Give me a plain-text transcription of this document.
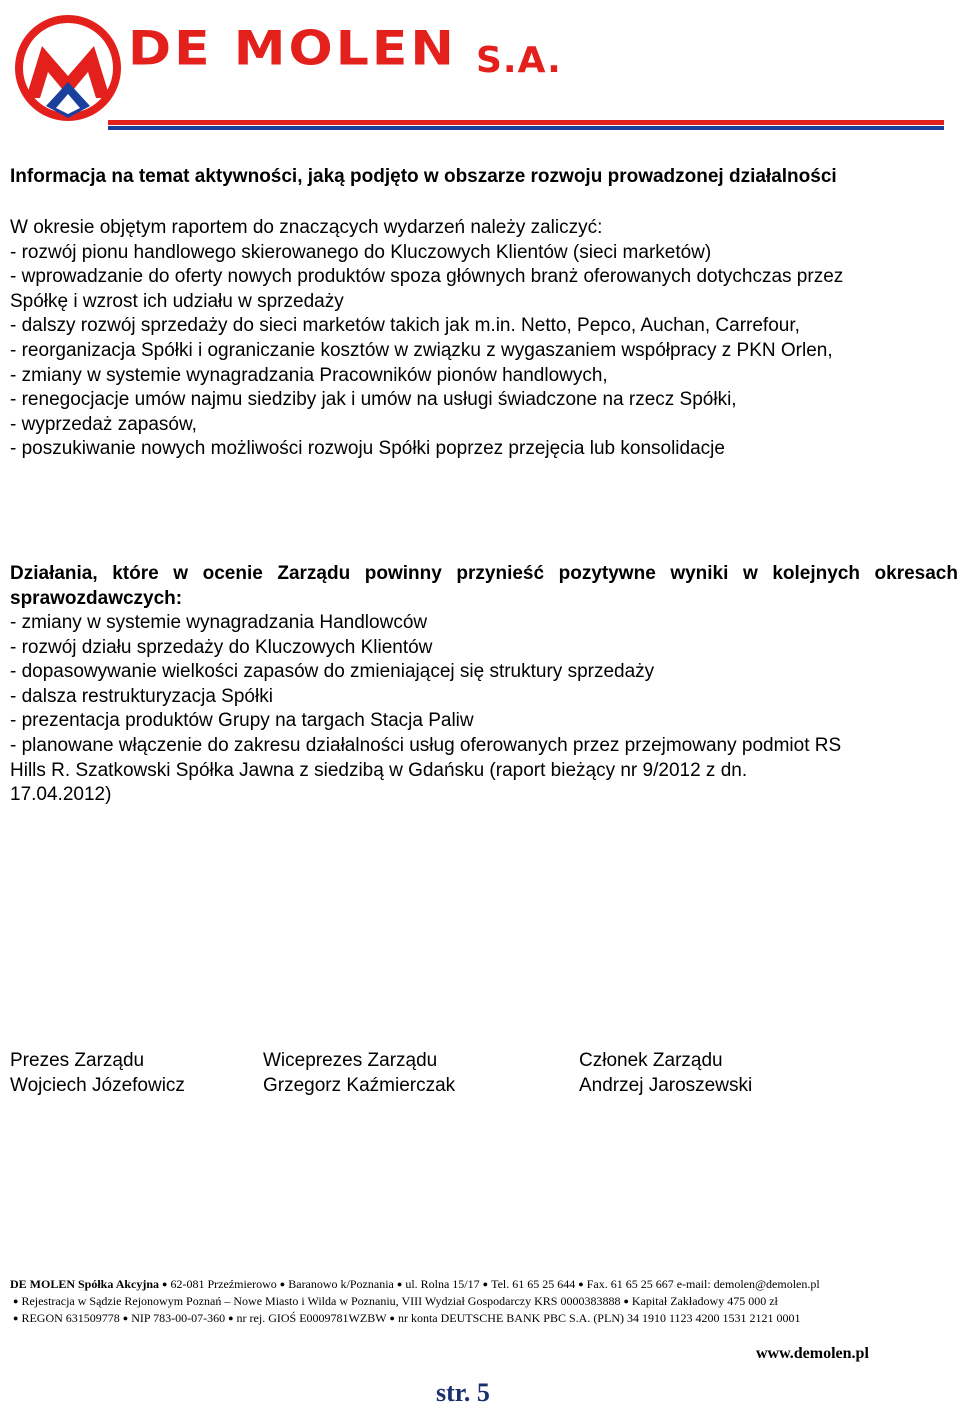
DE MOLEN S.A.
Informacja na temat aktywności, jaką podjęto w obszarze rozwoju prowadzonej działalności

W okresie objętym raportem do znaczących wydarzeń należy zaliczyć:

- rozwój pionu handlowego skierowanego do Kluczowych Klientów (sieci marketów)

- wprowadzanie do oferty nowych produktów spoza głównych branż oferowanych dotychczas przez

Spółkę i wzrost ich udziału w sprzedaży

- dalszy rozwój sprzedaży do sieci marketów takich jak m.in. Netto, Pepco, Auchan, Carrefour,

- reorganizacja Spółki i ograniczanie kosztów w związku z wygaszaniem współpracy z PKN Orlen,

- zmiany w systemie wynagradzania Pracowników pionów handlowych,

- renegocjacje umów najmu siedziby jak i umów na usługi świadczone na rzecz Spółki,

- wyprzedaż zapasów,

- poszukiwanie nowych możliwości rozwoju Spółki poprzez przejęcia lub konsolidacje

Działania, które w ocenie Zarządu powinny przynieść pozytywne wyniki w kolejnych okresach sprawozdawczych:

- zmiany w systemie wynagradzania Handlowców

- rozwój działu sprzedaży do Kluczowych Klientów

- dopasowywanie wielkości zapasów do zmieniającej się struktury sprzedaży

- dalsza restrukturyzacja Spółki

- prezentacja produktów Grupy na targach Stacja Paliw

- planowane włączenie do zakresu działalności usług oferowanych przez przejmowany podmiot RS

Hills R. Szatkowski Spółka Jawna z siedzibą w Gdańsku (raport bieżący nr 9/2012 z dn.

17.04.2012)

Prezes Zarządu
Wojciech Józefowicz
Wiceprezes Zarządu
Grzegorz Kaźmierczak
Członek Zarządu
Andrzej Jaroszewski
DE MOLEN Spółka Akcyjna ● 62-081 Przeźmierowo ● Baranowo k/Poznania ● ul. Rolna 15/17 ● Tel. 61 65 25 644 ● Fax. 61 65 25 667 e-mail: demolen@demolen.pl
● Rejestracja w Sądzie Rejonowym Poznań – Nowe Miasto i Wilda w Poznaniu, VIII Wydział Gospodarczy KRS 0000383888 ● Kapitał Zakładowy 475 000 zł
● REGON 631509778 ● NIP 783-00-07-360 ● nr rej. GIOŚ E0009781WZBW ● nr konta DEUTSCHE BANK PBC S.A. (PLN) 34 1910 1123 4200 1531 2121 0001
www.demolen.pl
str. 5
